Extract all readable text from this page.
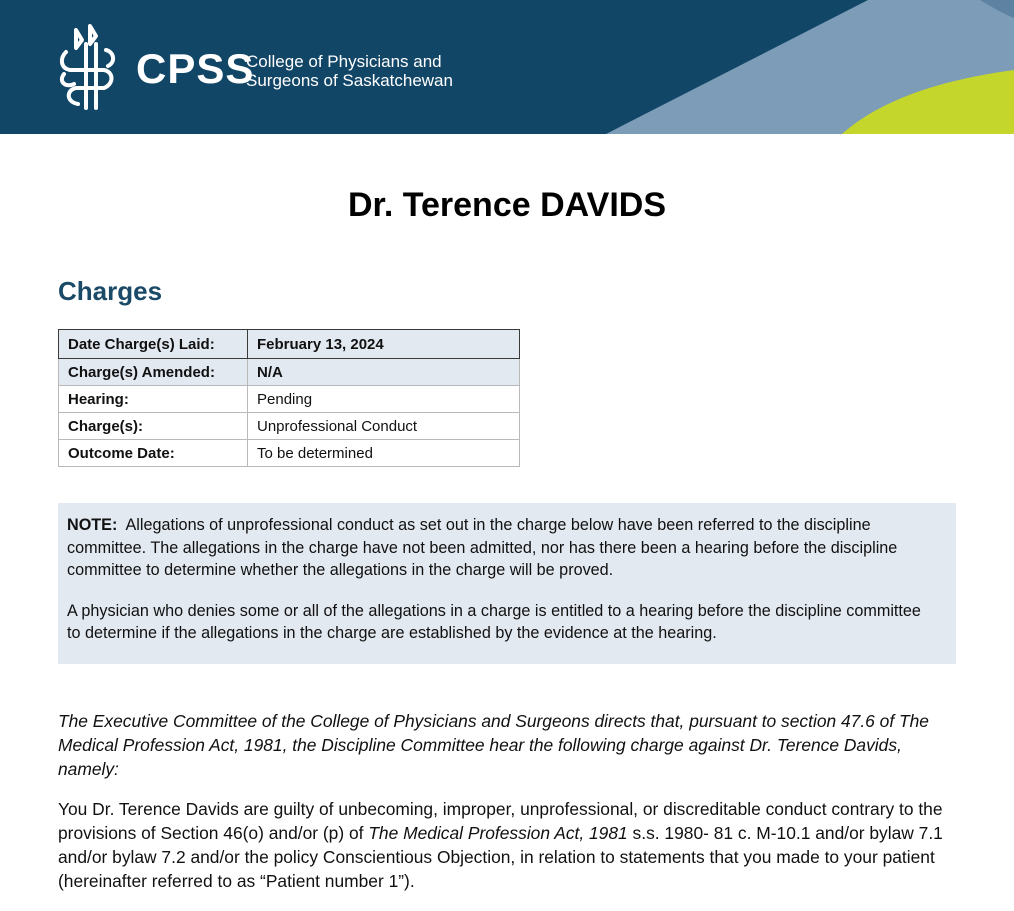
CPSS
College of Physicians and
Surgeons of Saskatchewan
Dr. Terence DAVIDS
Charges
Date Charge(s) Laid:	February 13, 2024
Charge(s) Amended:	N/A
Hearing:	Pending
Charge(s):	Unprofessional Conduct
Outcome Date:	To be determined

NOTE: Allegations of unprofessional conduct as set out in the charge below have been referred to the discipline committee. The allegations in the charge have not been admitted, nor has there been a hearing before the discipline committee to determine whether the allegations in the charge will be proved.

A physician who denies some or all of the allegations in a charge is entitled to a hearing before the discipline committee to determine if the allegations in the charge are established by the evidence at the hearing.

The Executive Committee of the College of Physicians and Surgeons directs that, pursuant to section 47.6 of The Medical Profession Act, 1981, the Discipline Committee hear the following charge against Dr. Terence Davids, namely:

You Dr. Terence Davids are guilty of unbecoming, improper, unprofessional, or discreditable conduct contrary to the provisions of Section 46(o) and/or (p) of The Medical Profession Act, 1981 s.s. 1980- 81 c. M-10.1 and/or bylaw 7.1 and/or bylaw 7.2 and/or the policy Conscientious Objection, in relation to statements that you made to your patient (hereinafter referred to as “Patient number 1”).
